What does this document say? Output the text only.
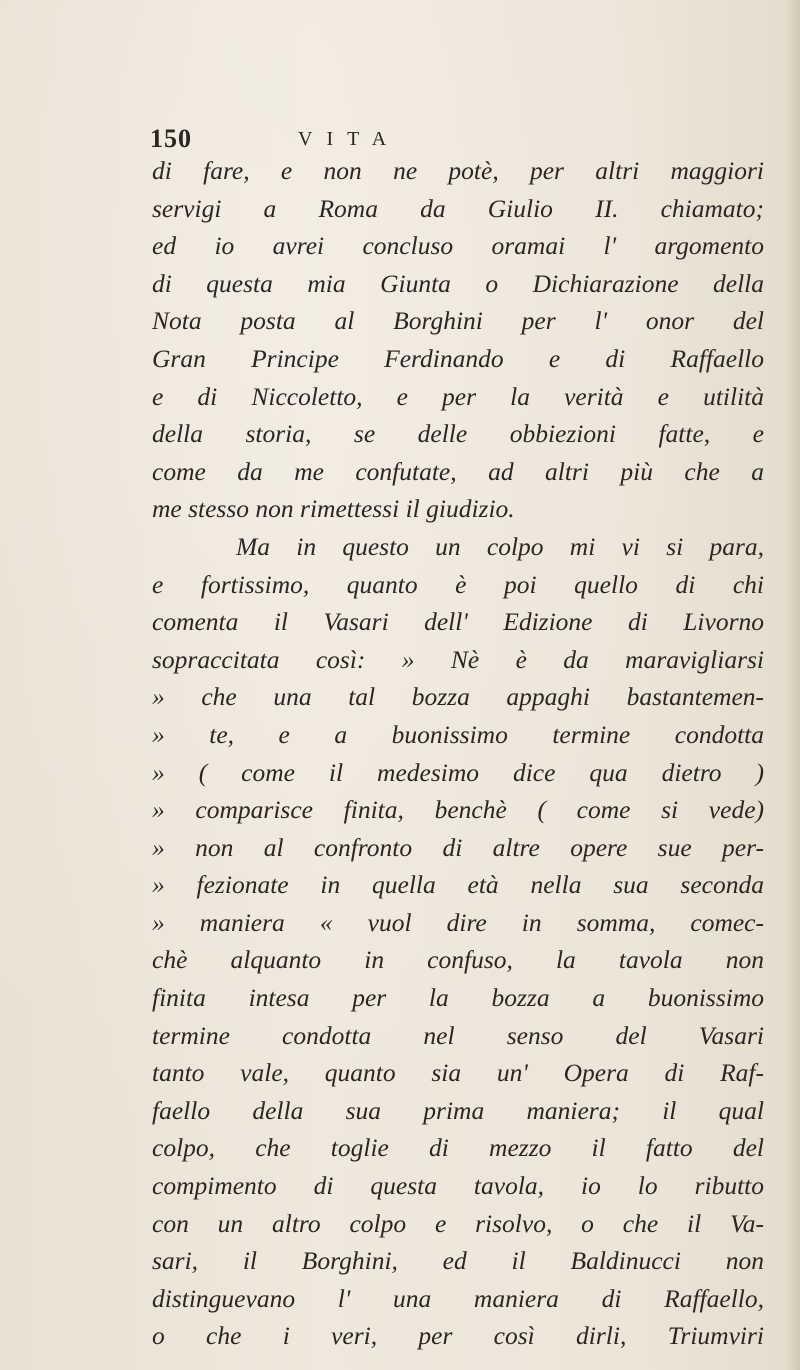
150	VITA
di fare, e non ne potè, per altri maggiori
servigi a Roma da Giulio II. chiamato;
ed io avrei concluso oramai l' argomento
di questa mia Giunta o Dichiarazione della
Nota posta al Borghini per l' onor del
Gran Principe Ferdinando e di Raffaello
e di Niccoletto, e per la verità e utilità
della storia, se delle obbiezioni fatte, e
come da me confutate, ad altri più che a
me stesso non rimettessi il giudizio.
Ma in questo un colpo mi vi si para,
e fortissimo, quanto è poi quello di chi
comenta il Vasari dell' Edizione di Livorno
sopraccitata così: » Nè è da maravigliarsi
» che una tal bozza appaghi bastantemen-
» te, e a buonissimo termine condotta
» ( come il medesimo dice qua dietro )
» comparisce finita, benchè ( come si vede)
» non al confronto di altre opere sue per-
» fezionate in quella età nella sua seconda
» maniera « vuol dire in somma, comec-
chè alquanto in confuso, la tavola non
finita intesa per la bozza a buonissimo
termine condotta nel senso del Vasari
tanto vale, quanto sia un' Opera di Raf-
faello della sua prima maniera; il qual
colpo, che toglie di mezzo il fatto del
compimento di questa tavola, io lo ributto
con un altro colpo e risolvo, o che il Va-
sari, il Borghini, ed il Baldinucci non
distinguevano l' una maniera di Raffaello,
o che i veri, per così dirli, Triumviri
